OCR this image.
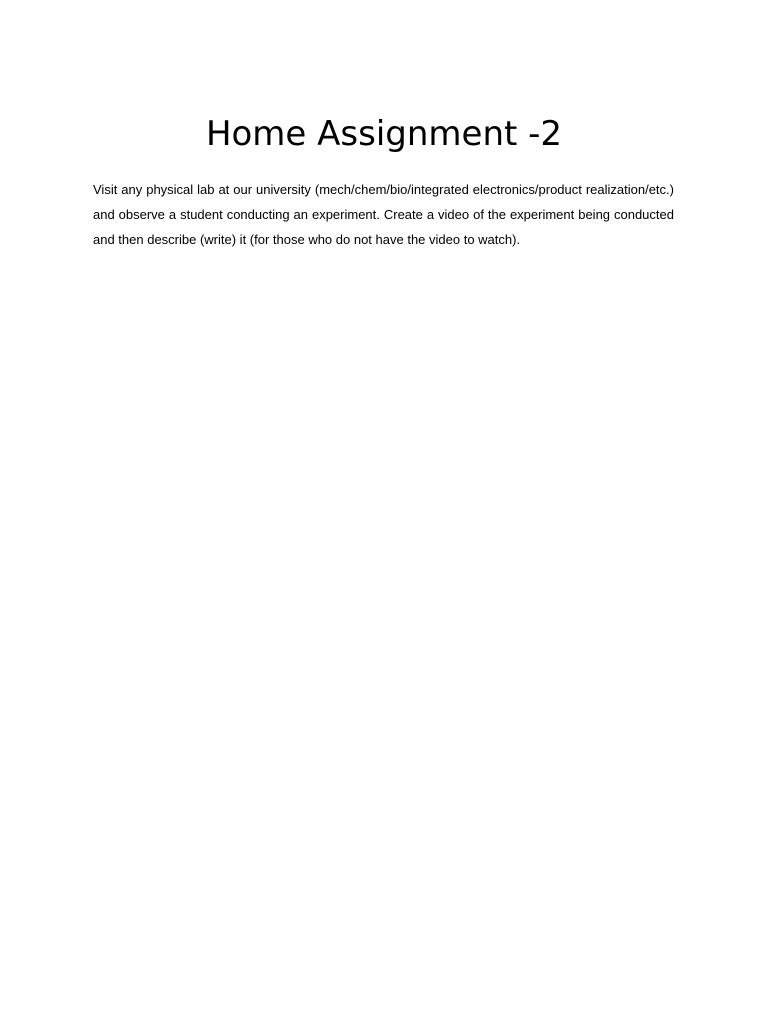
Home Assignment -2

Visit any physical lab at our university (mech/chem/bio/integrated electronics/product realization/etc.) and observe a student conducting an experiment. Create a video of the experiment being conducted and then describe (write) it (for those who do not have the video to watch).
